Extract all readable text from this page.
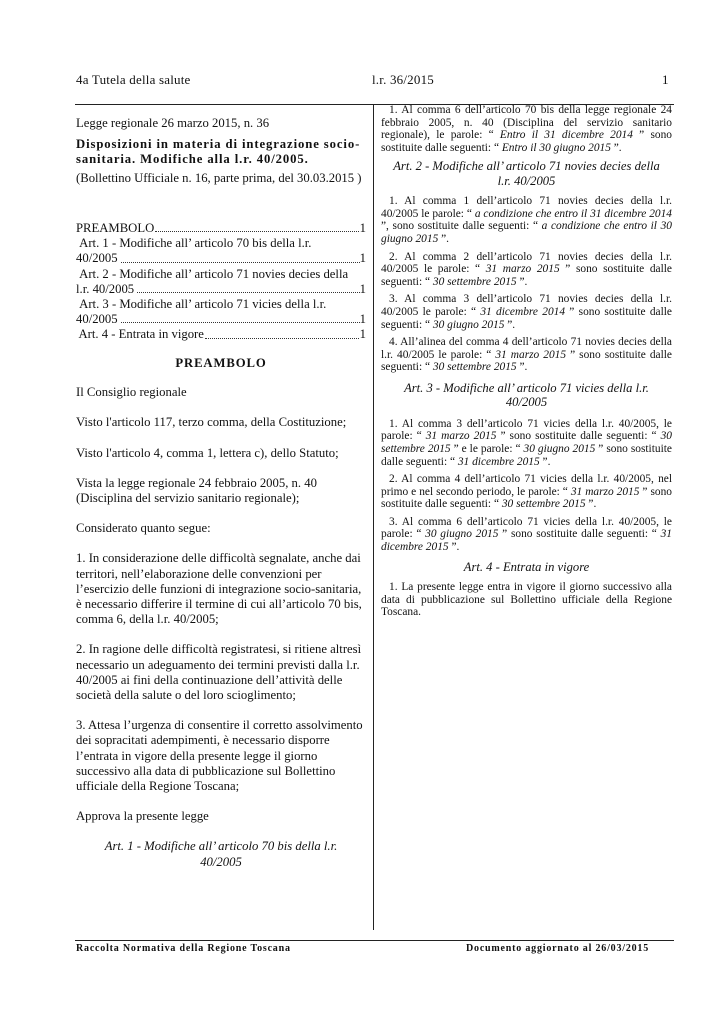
4a Tutela della salute	l.r. 36/2015	1

Legge regionale 26 marzo 2015, n. 36

Disposizioni in materia di integrazione socio- sanitaria. Modifiche alla l.r. 40/2005.

(Bollettino Ufficiale n. 16, parte prima, del 30.03.2015 )

PREAMBOLO	1
Art. 1 - Modifiche all’ articolo 70 bis della l.r. 40/2005	1
Art. 2 - Modifiche all’ articolo 71 novies decies della l.r. 40/2005	1
Art. 3 - Modifiche all’ articolo 71 vicies della l.r. 40/2005	1
Art. 4 - Entrata in vigore	1

PREAMBOLO

Il Consiglio regionale

Visto l'articolo 117, terzo comma, della Costituzione;

Visto l'articolo 4, comma 1, lettera c), dello Statuto;

Vista la legge regionale 24 febbraio 2005, n. 40 (Disciplina del servizio sanitario regionale);

Considerato quanto segue:

1. In considerazione delle difficoltà segnalate, anche dai territori, nell’elaborazione delle convenzioni per l’esercizio delle funzioni di integrazione socio-sanitaria, è necessario differire il termine di cui all’articolo 70 bis, comma 6, della l.r. 40/2005;

2. In ragione delle difficoltà registratesi, si ritiene altresì necessario un adeguamento dei termini previsti dalla l.r. 40/2005 ai fini della continuazione dell’attività delle società della salute o del loro scioglimento;

3. Attesa l’urgenza di consentire il corretto assolvimento dei sopracitati adempimenti, è necessario disporre l’entrata in vigore della presente legge il giorno successivo alla data di pubblicazione sul Bollettino ufficiale della Regione Toscana;

Approva la presente legge

Art. 1 - Modifiche all’ articolo 70 bis della l.r. 40/2005

1. Al comma 6 dell’articolo 70 bis della legge regionale 24 febbraio 2005, n. 40 (Disciplina del servizio sanitario regionale), le parole: “ Entro il 31 dicembre 2014 ” sono sostituite dalle seguenti: “ Entro il 30 giugno 2015 ”.

Art. 2 - Modifiche all’ articolo 71 novies decies della l.r. 40/2005

1. Al comma 1 dell’articolo 71 novies decies della l.r. 40/2005 le parole: “ a condizione che entro il 31 dicembre 2014 ”, sono sostituite dalle seguenti: “ a condizione che entro il 30 giugno 2015 ”.

2. Al comma 2 dell’articolo 71 novies decies della l.r. 40/2005 le parole: “ 31 marzo 2015 ” sono sostituite dalle seguenti: “ 30 settembre 2015 ”.

3. Al comma 3 dell’articolo 71 novies decies della l.r. 40/2005 le parole: “ 31 dicembre 2014 ” sono sostituite dalle seguenti: “ 30 giugno 2015 ”.

4. All’alinea del comma 4 dell’articolo 71 novies decies della l.r. 40/2005 le parole: “ 31 marzo 2015 ” sono sostituite dalle seguenti: “ 30 settembre 2015 ”.

Art. 3 - Modifiche all’ articolo 71 vicies della l.r. 40/2005

1. Al comma 3 dell’articolo 71 vicies della l.r. 40/2005, le parole: “ 31 marzo 2015 ” sono sostituite dalle seguenti: “ 30 settembre 2015 ” e le parole: “ 30 giugno 2015 ” sono sostituite dalle seguenti: “ 31 dicembre 2015 ”.

2. Al comma 4 dell’articolo 71 vicies della l.r. 40/2005, nel primo e nel secondo periodo, le parole: “ 31 marzo 2015 ” sono sostituite dalle seguenti: “ 30 settembre 2015 ”.

3. Al comma 6 dell’articolo 71 vicies della l.r. 40/2005, le parole: “ 30 giugno 2015 ” sono sostituite dalle seguenti: “ 31 dicembre 2015 ”.

Art. 4 - Entrata in vigore

1. La presente legge entra in vigore il giorno successivo alla data di pubblicazione sul Bollettino ufficiale della Regione Toscana.

Raccolta Normativa della Regione Toscana	Documento aggiornato al 26/03/2015
